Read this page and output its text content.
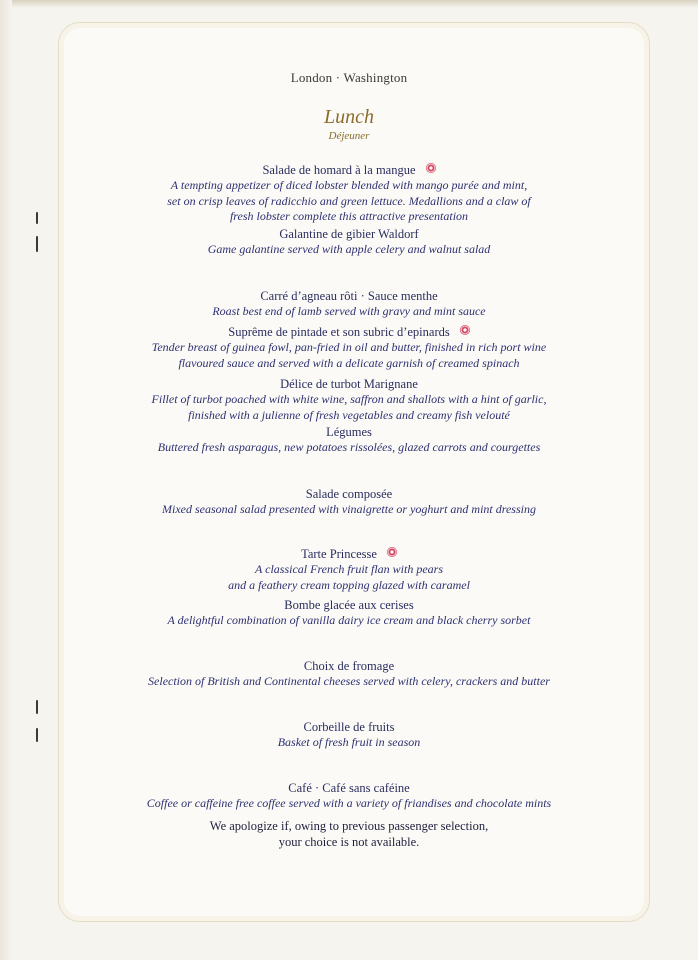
London · Washington
Lunch
Déjeuner
Salade de homard à la mangue
A tempting appetizer of diced lobster blended with mango purée and mint,
set on crisp leaves of radicchio and green lettuce. Medallions and a claw of
fresh lobster complete this attractive presentation
Galantine de gibier Waldorf
Game galantine served with apple celery and walnut salad
Carré d’agneau rôti · Sauce menthe
Roast best end of lamb served with gravy and mint sauce
Suprême de pintade et son subric d’epinards
Tender breast of guinea fowl, pan-fried in oil and butter, finished in rich port wine
flavoured sauce and served with a delicate garnish of creamed spinach
Délice de turbot Marignane
Fillet of turbot poached with white wine, saffron and shallots with a hint of garlic,
finished with a julienne of fresh vegetables and creamy fish velouté
Légumes
Buttered fresh asparagus, new potatoes rissolées, glazed carrots and courgettes
Salade composée
Mixed seasonal salad presented with vinaigrette or yoghurt and mint dressing
Tarte Princesse
A classical French fruit flan with pears
and a feathery cream topping glazed with caramel
Bombe glacée aux cerises
A delightful combination of vanilla dairy ice cream and black cherry sorbet
Choix de fromage
Selection of British and Continental cheeses served with celery, crackers and butter
Corbeille de fruits
Basket of fresh fruit in season
Café · Café sans caféine
Coffee or caffeine free coffee served with a variety of friandises and chocolate mints
We apologize if, owing to previous passenger selection,
your choice is not available.
